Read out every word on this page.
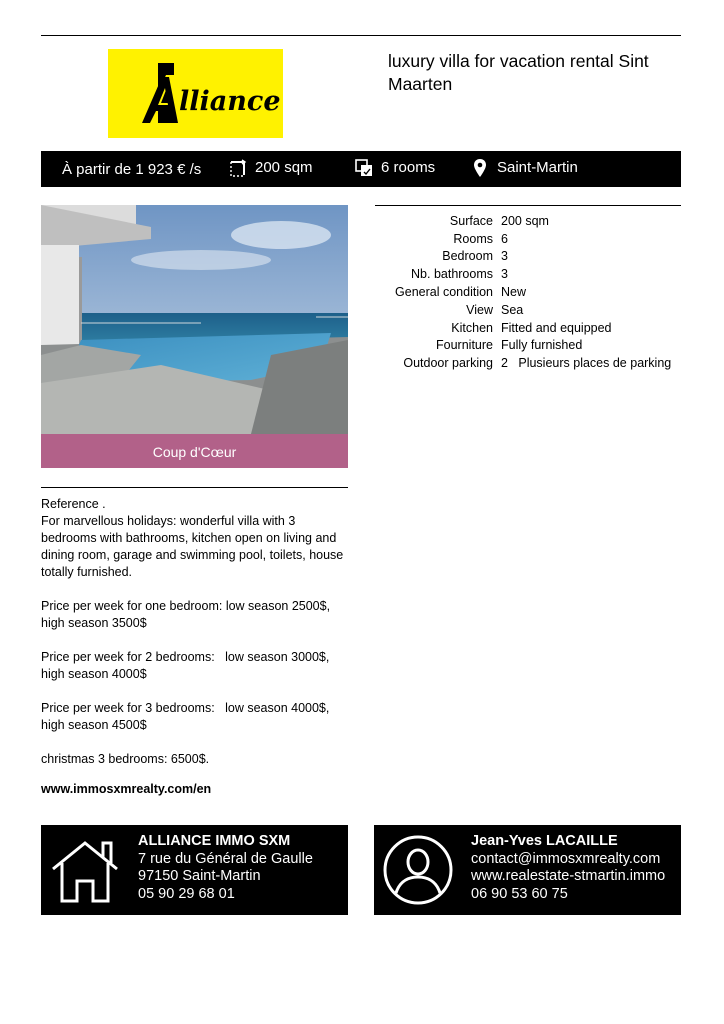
lliance
luxury villa for vacation rental Sint Maarten
À partir de 1 923 € /s	200 sqm	6 rooms	Saint-Martin
Coup d'Cœur
Surface 200 sqm
Rooms 6
Bedroom 3
Nb. bathrooms 3
General condition New
View Sea
Kitchen Fitted and equipped
Fourniture Fully furnished
Outdoor parking 2   Plusieurs places de parking

Reference .

For marvellous holidays: wonderful villa with 3 bedrooms with bathrooms, kitchen open on living and dining room, garage and swimming pool, toilets, house totally furnished.

Price per week for one bedroom: low season 2500$, high season 3500$

Price per week for 2 bedrooms:   low season 3000$,
high season 4000$

Price per week for 3 bedrooms:   low season 4000$,
high season 4500$

christmas 3 bedrooms: 6500$.

www.immosxmrealty.com/en
ALLIANCE IMMO SXM
7 rue du Général de Gaulle
97150 Saint-Martin
05 90 29 68 01
Jean-Yves LACAILLE
contact@immosxmrealty.com
www.realestate-stmartin.immo
06 90 53 60 75
